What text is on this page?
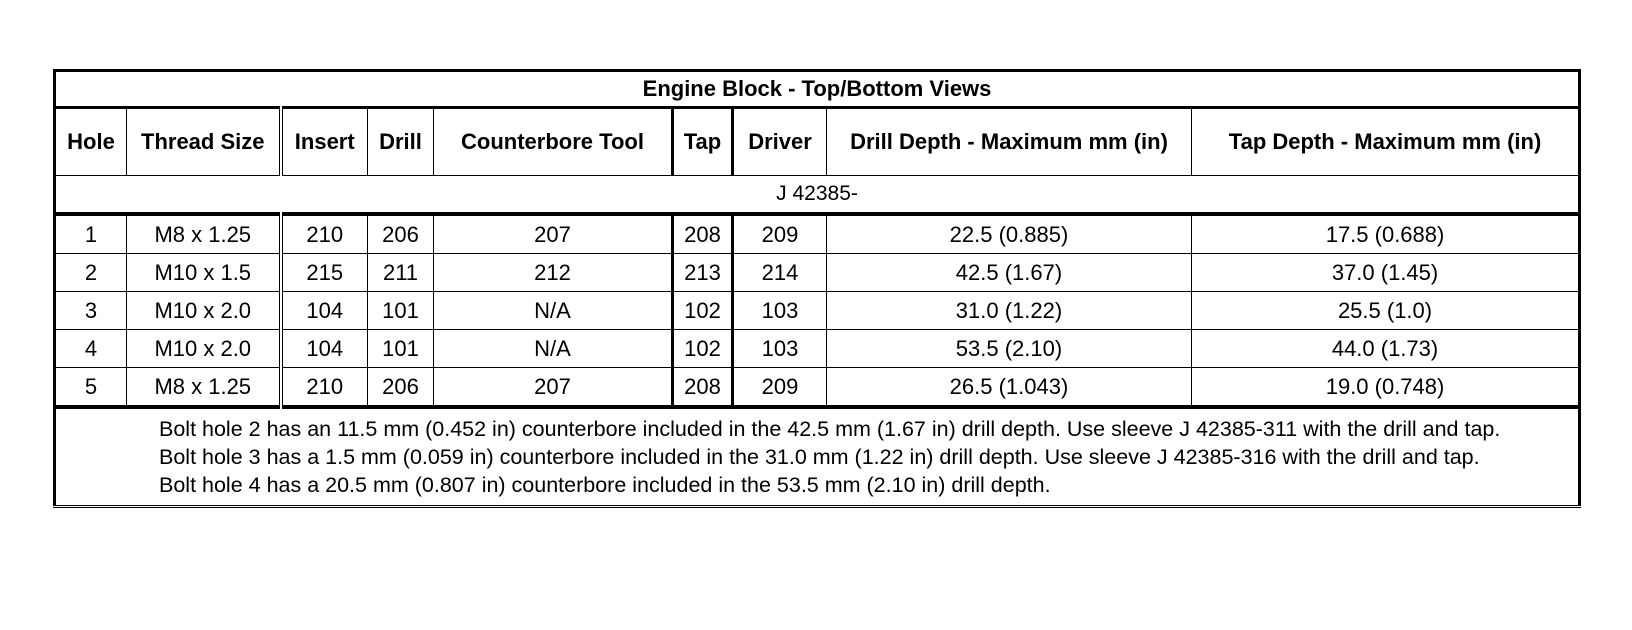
Engine Block - Top/Bottom Views								
Hole	Thread Size	Insert	Drill	Counterbore Tool	Tap	Driver	Drill Depth - Maximum mm (in)	Tap Depth - Maximum mm (in)
J 42385-								
1	M8 x 1.25	210	206	207	208	209	22.5 (0.885)	17.5 (0.688)
2	M10 x 1.5	215	211	212	213	214	42.5 (1.67)	37.0 (1.45)
3	M10 x 2.0	104	101	N/A	102	103	31.0 (1.22)	25.5 (1.0)
4	M10 x 2.0	104	101	N/A	102	103	53.5 (2.10)	44.0 (1.73)
5	M8 x 1.25	210	206	207	208	209	26.5 (1.043)	19.0 (0.748)

Bolt hole 2 has an 11.5 mm (0.452 in) counterbore included in the 42.5 mm (1.67 in) drill depth. Use sleeve J 42385-311 with the drill and tap.
Bolt hole 3 has a 1.5 mm (0.059 in) counterbore included in the 31.0 mm (1.22 in) drill depth. Use sleeve J 42385-316 with the drill and tap.
Bolt hole 4 has a 20.5 mm (0.807 in) counterbore included in the 53.5 mm (2.10 in) drill depth.								
